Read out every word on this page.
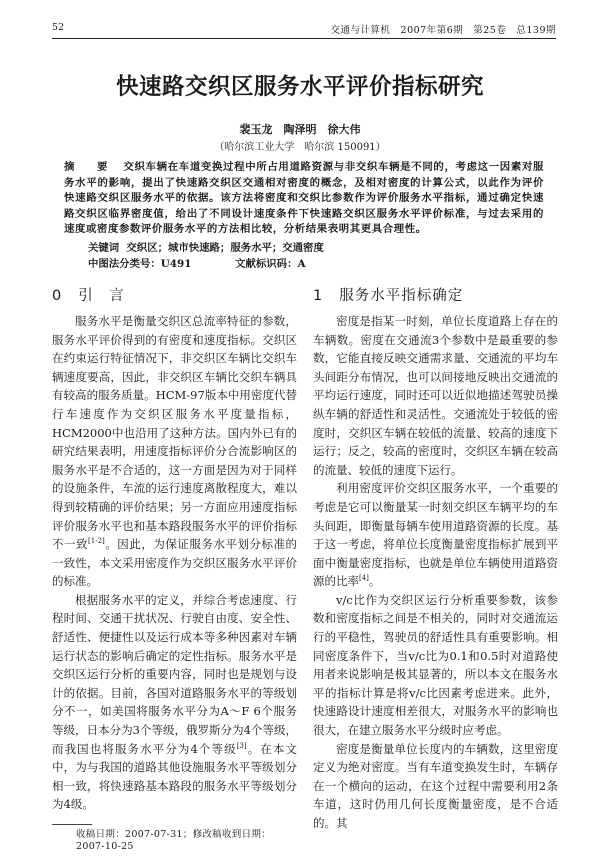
52	交通与计算机　2007年第6期　第25卷　总139期
快速路交织区服务水平评价指标研究
裴玉龙　陶泽明　徐大伟
（哈尔滨工业大学　哈尔滨 150091）
摘　要 交织车辆在车道变换过程中所占用道路资源与非交织车辆是不同的，考虑这一因素对服务水平的影响，提出了快速路交织区交通相对密度的概念，及相对密度的计算公式，以此作为评价快速路交织区服务水平的依据。该方法将密度和交织比参数作为评价服务水平指标，通过确定快速路交织区临界密度值，给出了不同设计速度条件下快速路交织区服务水平评价标准，与过去采用的速度或密度参数评价服务水平的方法相比较，分析结果表明其更具合理性。
关键词 交织区；城市快速路；服务水平；交通密度
中图法分类号：U491	文献标识码：A
0 引　言

服务水平是衡量交织区总流率特征的参数，服务水平评价得到的有密度和速度指标。交织区在约束运行特征情况下，非交织区车辆比交织车辆速度要高，因此，非交织区车辆比交织车辆具有较高的服务质量。HCM-97版本中用密度代替行车速度作为交织区服务水平度量指标，HCM2000中也沿用了这种方法。国内外已有的研究结果表明，用速度指标评价分合流影响区的服务水平是不合适的，这一方面是因为对于同样的设施条件，车流的运行速度离散程度大，难以得到较精确的评价结果；另一方面应用速度指标评价服务水平也和基本路段服务水平的评价指标不一致[1-2]。因此，为保证服务水平划分标准的一致性，本文采用密度作为交织区服务水平评价的标准。

根据服务水平的定义，并综合考虑速度、行程时间、交通干扰状况、行驶自由度、安全性、舒适性、便捷性以及运行成本等多种因素对车辆运行状态的影响后确定的定性指标。服务水平是交织区运行分析的重要内容，同时也是规划与设计的依据。目前，各国对道路服务水平的等级划分不一，如美国将服务水平分为A～F 6个服务等级，日本分为3个等级，俄罗斯分为4个等级，而我国也将服务水平分为4个等级[3]。在本文中，为与我国的道路其他设施服务水平等级划分相一致，将快速路基本路段的服务水平等级划分为4级。

收稿日期：2007-07-31；修改稿收到日期：2007-10-25
1 服务水平指标确定

密度是指某一时刻，单位长度道路上存在的车辆数。密度在交通流3个参数中是最重要的参数，它能直接反映交通需求量、交通流的平均车头间距分布情况，也可以间接地反映出交通流的平均运行速度，同时还可以近似地描述驾驶员操纵车辆的舒适性和灵活性。交通流处于较低的密度时，交织区车辆在较低的流量、较高的速度下运行；反之，较高的密度时，交织区车辆在较高的流量、较低的速度下运行。

利用密度评价交织区服务水平，一个重要的考虑是它可以衡量某一时刻交织区车辆平均的车头间距，即衡量每辆车使用道路资源的长度。基于这一考虑，将单位长度衡量密度指标扩展到平面中衡量密度指标，也就是单位车辆使用道路资源的比率[4]。

v/c比作为交织区运行分析重要参数，该参数和密度指标之间是不相关的，同时对交通流运行的平稳性，驾驶员的舒适性具有重要影响。相同密度条件下，当v/c比为0.1和0.5时对道路使用者来说影响是极其显著的，所以本文在服务水平的指标计算是将v/c比因素考虑进来。此外，快速路设计速度相差很大，对服务水平的影响也很大，在建立服务水平分级时应考虑。

密度是衡量单位长度内的车辆数，这里密度定义为绝对密度。当有车道变换发生时，车辆存在一个横向的运动，在这个过程中需要利用2条车道，这时仍用几何长度衡量密度，是不合适的。其
